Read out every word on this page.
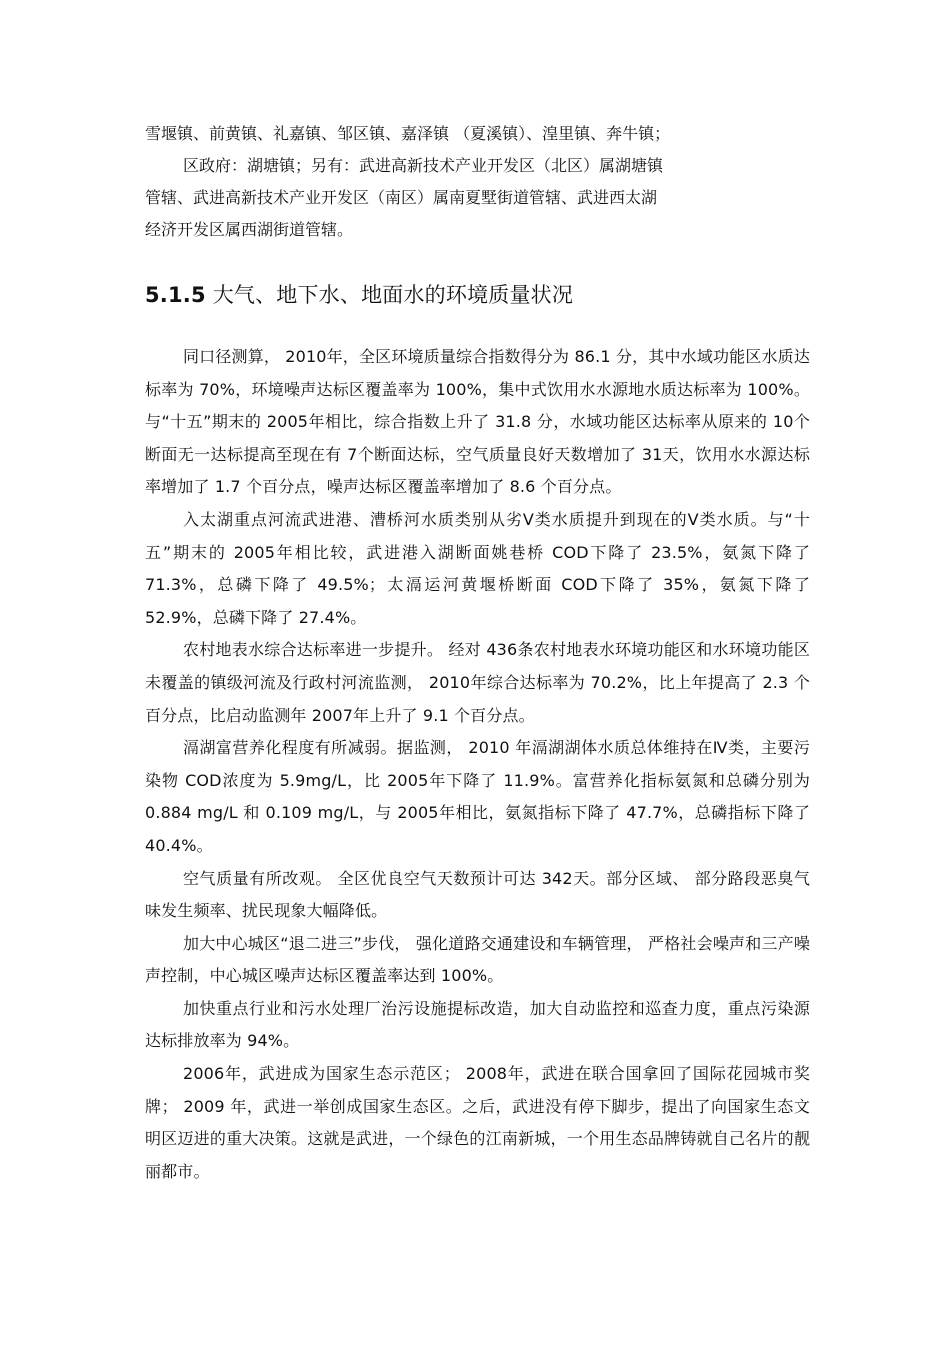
雪堰镇、前黄镇、礼嘉镇、邹区镇、嘉泽镇 （夏溪镇）、湟里镇、奔牛镇；
区政府：湖塘镇；另有：武进高新技术产业开发区（北区）属湖塘镇
管辖、武进高新技术产业开发区（南区）属南夏墅街道管辖、武进西太湖
经济开发区属西湖街道管辖。
5.1.5 大气、地下水、地面水的环境质量状况

同口径测算， 2010年，全区环境质量综合指数得分为 86.1 分，其中水域功能区水质达标率为 70%，环境噪声达标区覆盖率为 100%，集中式饮用水水源地水质达标率为 100%。与“十五”期末的 2005年相比，综合指数上升了 31.8 分，水域功能区达标率从原来的 10个断面无一达标提高至现在有 7个断面达标，空气质量良好天数增加了 31天，饮用水水源达标率增加了 1.7 个百分点，噪声达标区覆盖率增加了 8.6 个百分点。

入太湖重点河流武进港、漕桥河水质类别从劣Ⅴ类水质提升到现在的Ⅴ类水质。与“十五”期末的 2005年相比较，武进港入湖断面姚巷桥 COD下降了 23.5%，氨氮下降了 71.3%，总磷下降了 49.5%；太滆运河黄堰桥断面 COD下降了 35%，氨氮下降了 52.9%，总磷下降了 27.4%。

农村地表水综合达标率进一步提升。 经对 436条农村地表水环境功能区和水环境功能区未覆盖的镇级河流及行政村河流监测， 2010年综合达标率为 70.2%，比上年提高了 2.3 个百分点，比启动监测年 2007年上升了 9.1 个百分点。

滆湖富营养化程度有所减弱。据监测， 2010 年滆湖湖体水质总体维持在Ⅳ类，主要污染物 COD浓度为 5.9mg/L，比 2005年下降了 11.9%。富营养化指标氨氮和总磷分别为 0.884 mg/L 和 0.109 mg/L，与 2005年相比，氨氮指标下降了 47.7%，总磷指标下降了 40.4%。

空气质量有所改观。 全区优良空气天数预计可达 342天。部分区域、 部分路段恶臭气味发生频率、扰民现象大幅降低。

加大中心城区“退二进三”步伐， 强化道路交通建设和车辆管理， 严格社会噪声和三产噪声控制，中心城区噪声达标区覆盖率达到 100%。

加快重点行业和污水处理厂治污设施提标改造，加大自动监控和巡查力度，重点污染源达标排放率为 94%。

2006年，武进成为国家生态示范区； 2008年，武进在联合国拿回了国际花园城市奖牌； 2009 年，武进一举创成国家生态区。之后，武进没有停下脚步，提出了向国家生态文明区迈进的重大决策。这就是武进，一个绿色的江南新城，一个用生态品牌铸就自己名片的靓丽都市。
